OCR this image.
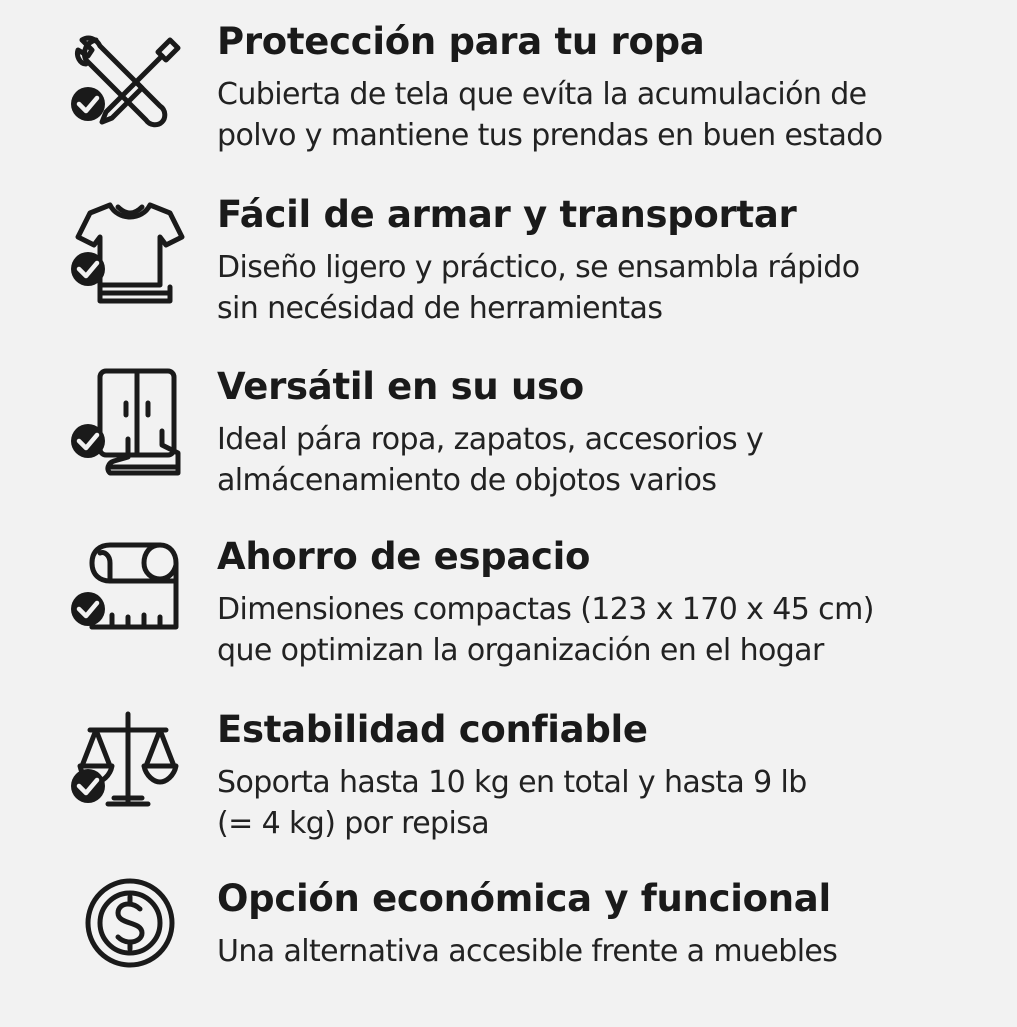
Protección para tu ropa

Cubierta de tela que evíta la acumulación de
polvo y mantiene tus prendas en buen estado

Fácil de armar y transportar

Diseño ligero y práctico, se ensambla rápido
sin necésidad de herramientas

Versátil en su uso

Ideal pára ropa, zapatos, accesorios y
almácenamiento de objotos varios

Ahorro de espacio

Dimensiones compactas (123 x 170 x 45 cm)
que optimizan la organización en el hogar

Estabilidad confiable

Soporta hasta 10 kg en total y hasta 9 lb
(= 4 kg) por repisa

Opción económica y funcional

Una alternativa accesible frente a muebles
